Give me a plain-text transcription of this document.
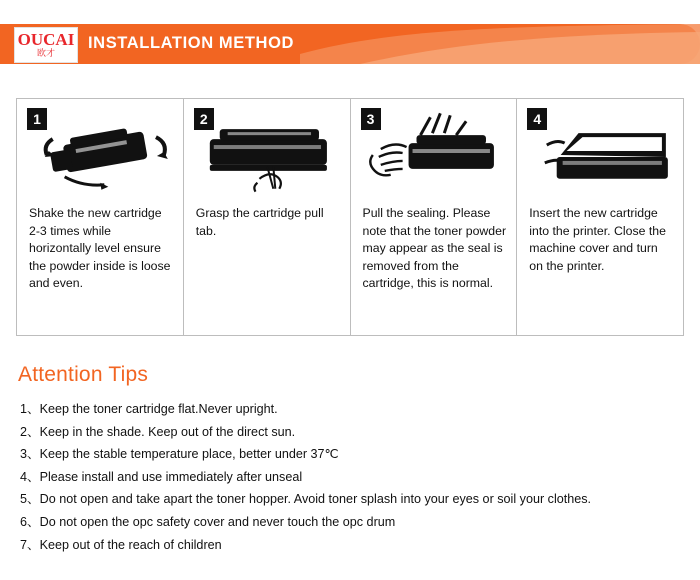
OUCAI
欧才
INSTALLATION METHOD
1
Shake the new cartridge 2-3 times while horizontally level ensure the powder inside is loose and even.
2
Grasp the cartridge pull tab.
3
Pull the sealing. Please note that the toner powder may appear as the seal is removed from the cartridge, this is normal.
4
Insert the new cartridge into the printer. Close the machine cover and turn on the printer.
Attention Tips
1、Keep the toner cartridge flat.Never upright.
2、Keep in the shade. Keep out of the direct sun.
3、Keep the stable temperature place, better under 37℃
4、Please install and use immediately after unseal
5、Do not open and take apart the toner hopper. Avoid toner splash into your eyes or soil your clothes.
6、Do not open the opc safety cover and never touch the opc drum
7、Keep out of the reach of children
